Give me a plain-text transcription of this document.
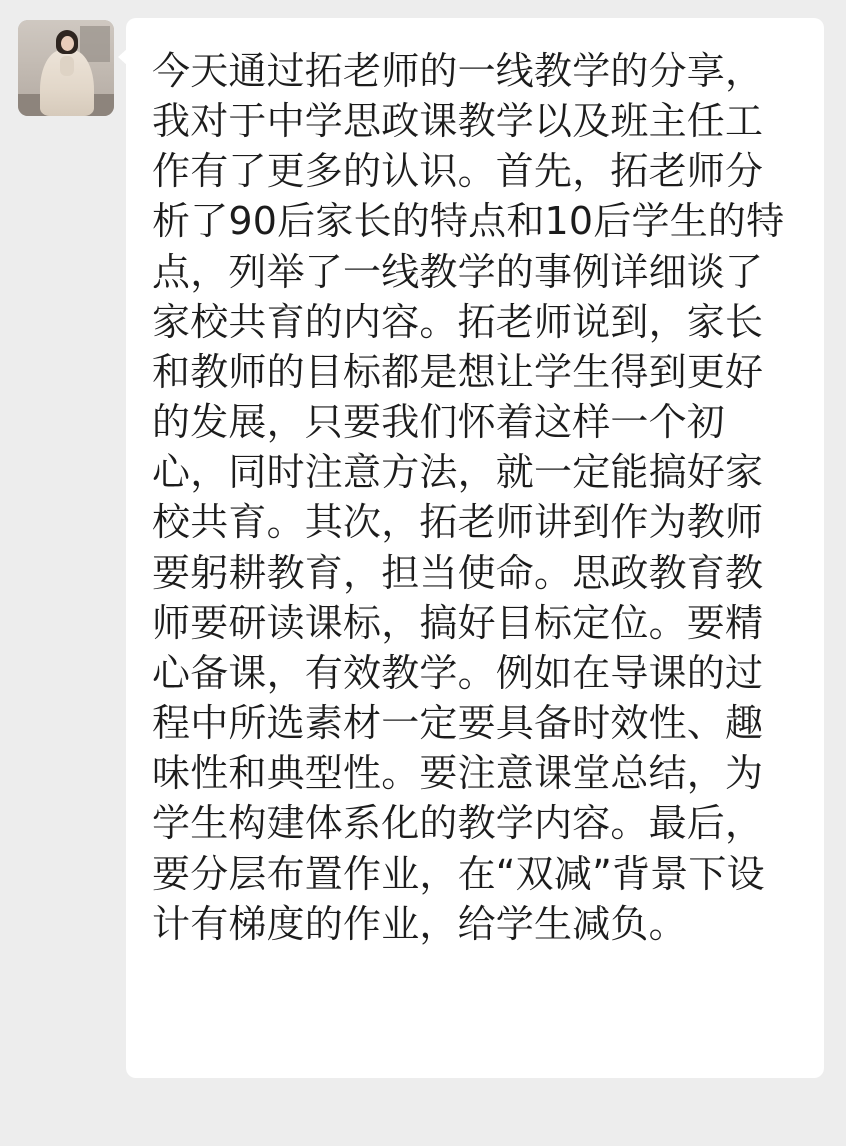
今天通过拓老师的一线教学的分享，我对于中学思政课教学以及班主任工作有了更多的认识。首先，拓老师分析了90后家长的特点和10后学生的特点，列举了一线教学的事例详细谈了家校共育的内容。拓老师说到，家长和教师的目标都是想让学生得到更好的发展，只要我们怀着这样一个初心，同时注意方法，就一定能搞好家校共育。其次，拓老师讲到作为教师要躬耕教育，担当使命。思政教育教师要研读课标，搞好目标定位。要精心备课，有效教学。例如在导课的过程中所选素材一定要具备时效性、趣味性和典型性。要注意课堂总结，为学生构建体系化的教学内容。最后，要分层布置作业，在“双减”背景下设计有梯度的作业，给学生减负。
